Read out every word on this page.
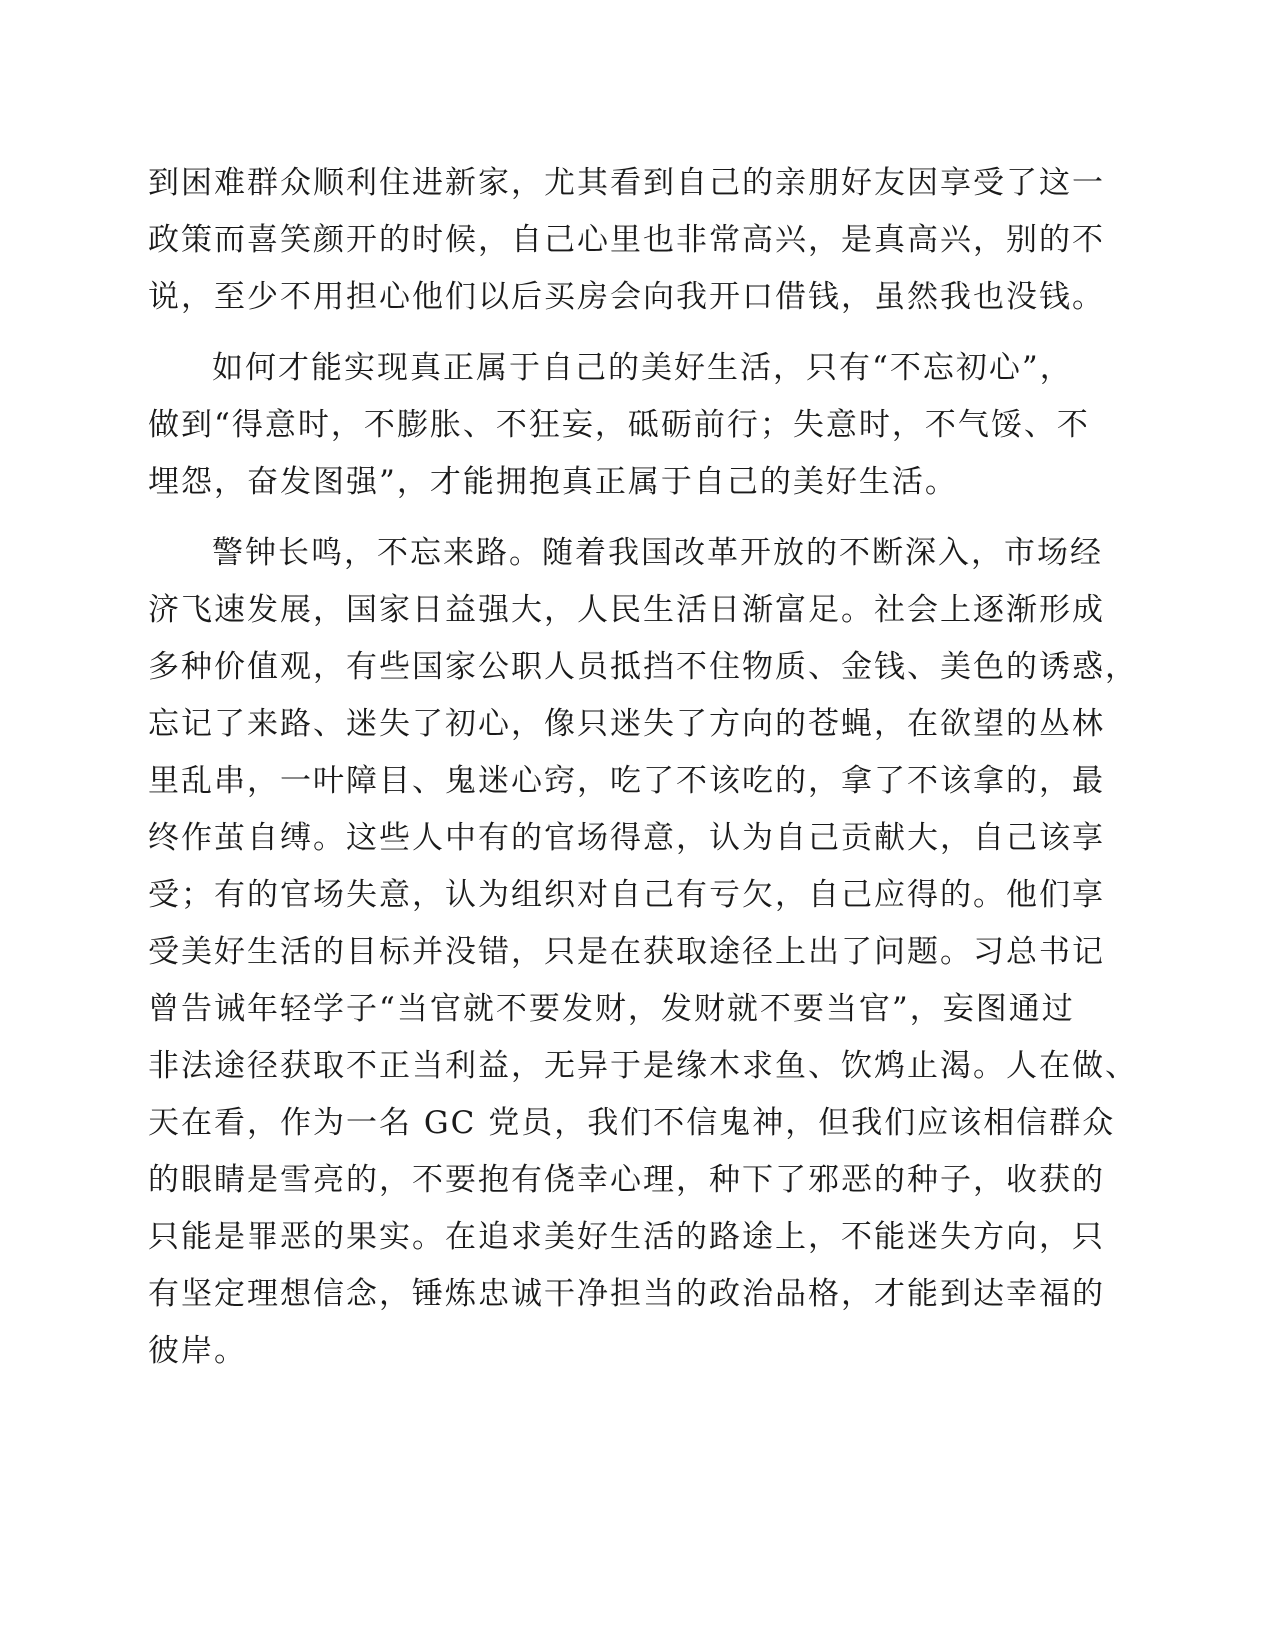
到困难群众顺利住进新家，尤其看到自己的亲朋好友因享受了这一
政策而喜笑颜开的时候，自己心里也非常高兴，是真高兴，别的不
说，至少不用担心他们以后买房会向我开口借钱，虽然我也没钱。
如何才能实现真正属于自己的美好生活，只有“不忘初心”，
做到“得意时，不膨胀、不狂妄，砥砺前行；失意时，不气馁、不
埋怨，奋发图强”，才能拥抱真正属于自己的美好生活。
警钟长鸣，不忘来路。随着我国改革开放的不断深入，市场经
济飞速发展，国家日益强大，人民生活日渐富足。社会上逐渐形成
多种价值观，有些国家公职人员抵挡不住物质、金钱、美色的诱惑，
忘记了来路、迷失了初心，像只迷失了方向的苍蝇，在欲望的丛林
里乱串，一叶障目、鬼迷心窍，吃了不该吃的，拿了不该拿的，最
终作茧自缚。这些人中有的官场得意，认为自己贡献大，自己该享
受；有的官场失意，认为组织对自己有亏欠，自己应得的。他们享
受美好生活的目标并没错，只是在获取途径上出了问题。习总书记
曾告诫年轻学子“当官就不要发财，发财就不要当官”，妄图通过
非法途径获取不正当利益，无异于是缘木求鱼、饮鸩止渴。人在做、
天在看，作为一名 GC 党员，我们不信鬼神，但我们应该相信群众
的眼睛是雪亮的，不要抱有侥幸心理，种下了邪恶的种子，收获的
只能是罪恶的果实。在追求美好生活的路途上，不能迷失方向，只
有坚定理想信念，锤炼忠诚干净担当的政治品格，才能到达幸福的
彼岸。
